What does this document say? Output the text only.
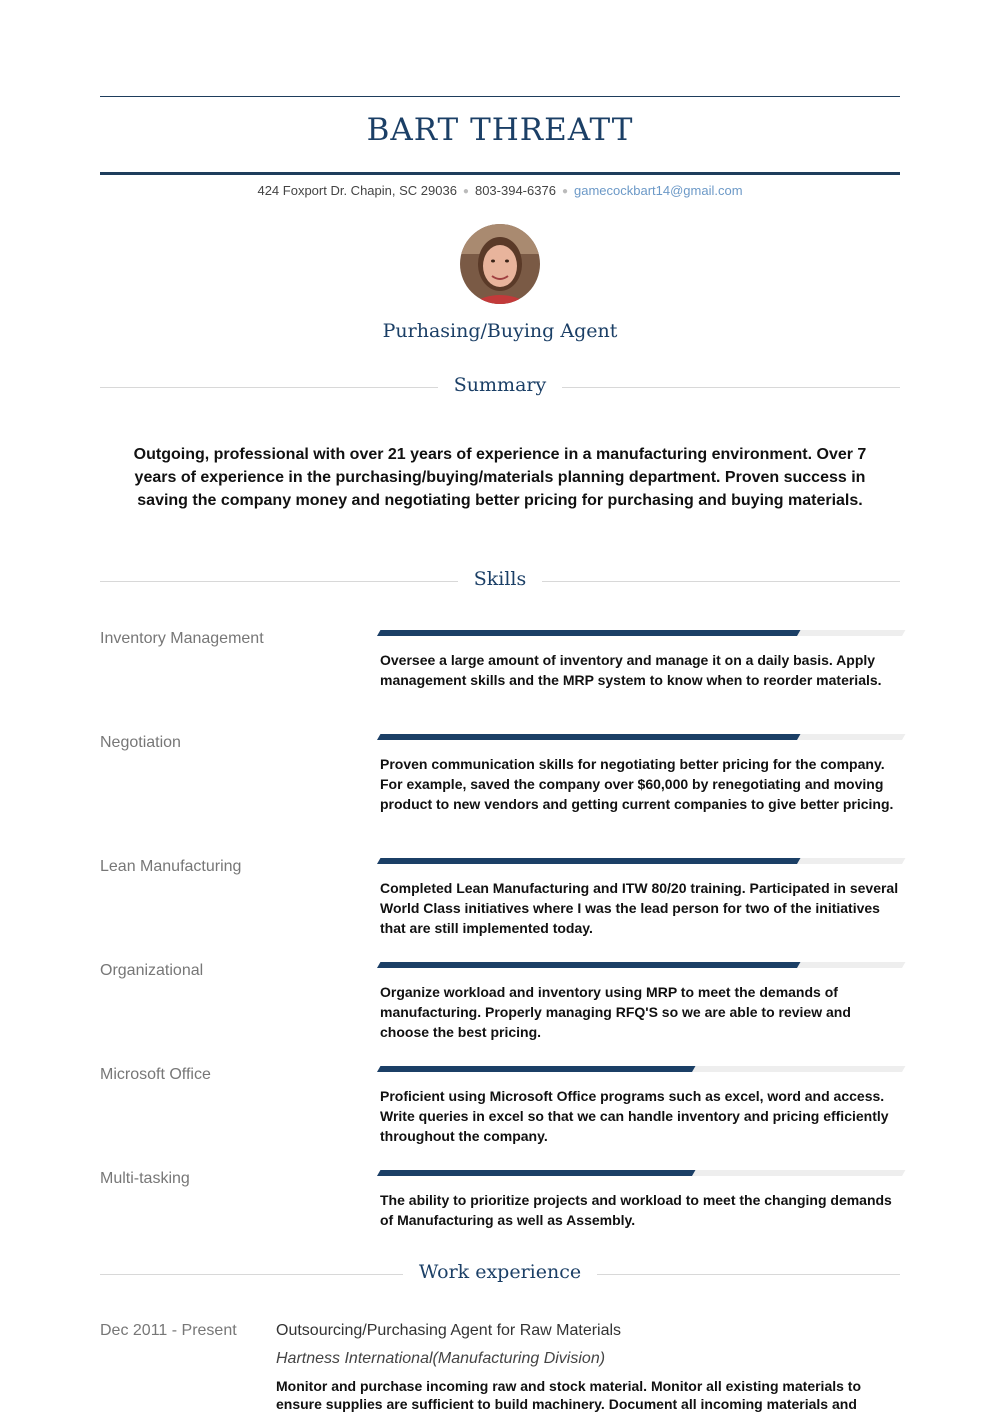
BART THREATT
424 Foxport Dr. Chapin, SC 29036 ● 803-394-6376 ● gamecockbart14@gmail.com
Purhasing/Buying Agent
Summary
Outgoing, professional with over 21 years of experience in a manufacturing environment. Over 7 years of experience in the purchasing/buying/materials planning department. Proven success in saving the company money and negotiating better pricing for purchasing and buying materials.
Skills
Inventory Management
Oversee a large amount of inventory and manage it on a daily basis. Apply management skills and the MRP system to know when to reorder materials.
Negotiation
Proven communication skills for negotiating better pricing for the company. For example, saved the company over $60,000 by renegotiating and moving product to new vendors and getting current companies to give better pricing.
Lean Manufacturing
Completed Lean Manufacturing and ITW 80/20 training. Participated in several World Class initiatives where I was the lead person for two of the initiatives that are still implemented today.
Organizational
Organize workload and inventory using MRP to meet the demands of manufacturing. Properly managing RFQ'S so we are able to review and choose the best pricing.
Microsoft Office
Proficient using Microsoft Office programs such as excel, word and access. Write queries in excel so that we can handle inventory and pricing efficiently throughout the company.
Multi-tasking
The ability to prioritize projects and workload to meet the changing demands of Manufacturing as well as Assembly.
Work experience
Dec 2011 - Present Outsourcing/Purchasing Agent for Raw Materials
Hartness International(Manufacturing Division)
Monitor and purchase incoming raw and stock material. Monitor all existing materials to ensure supplies are sufficient to build machinery. Document all incoming materials and
